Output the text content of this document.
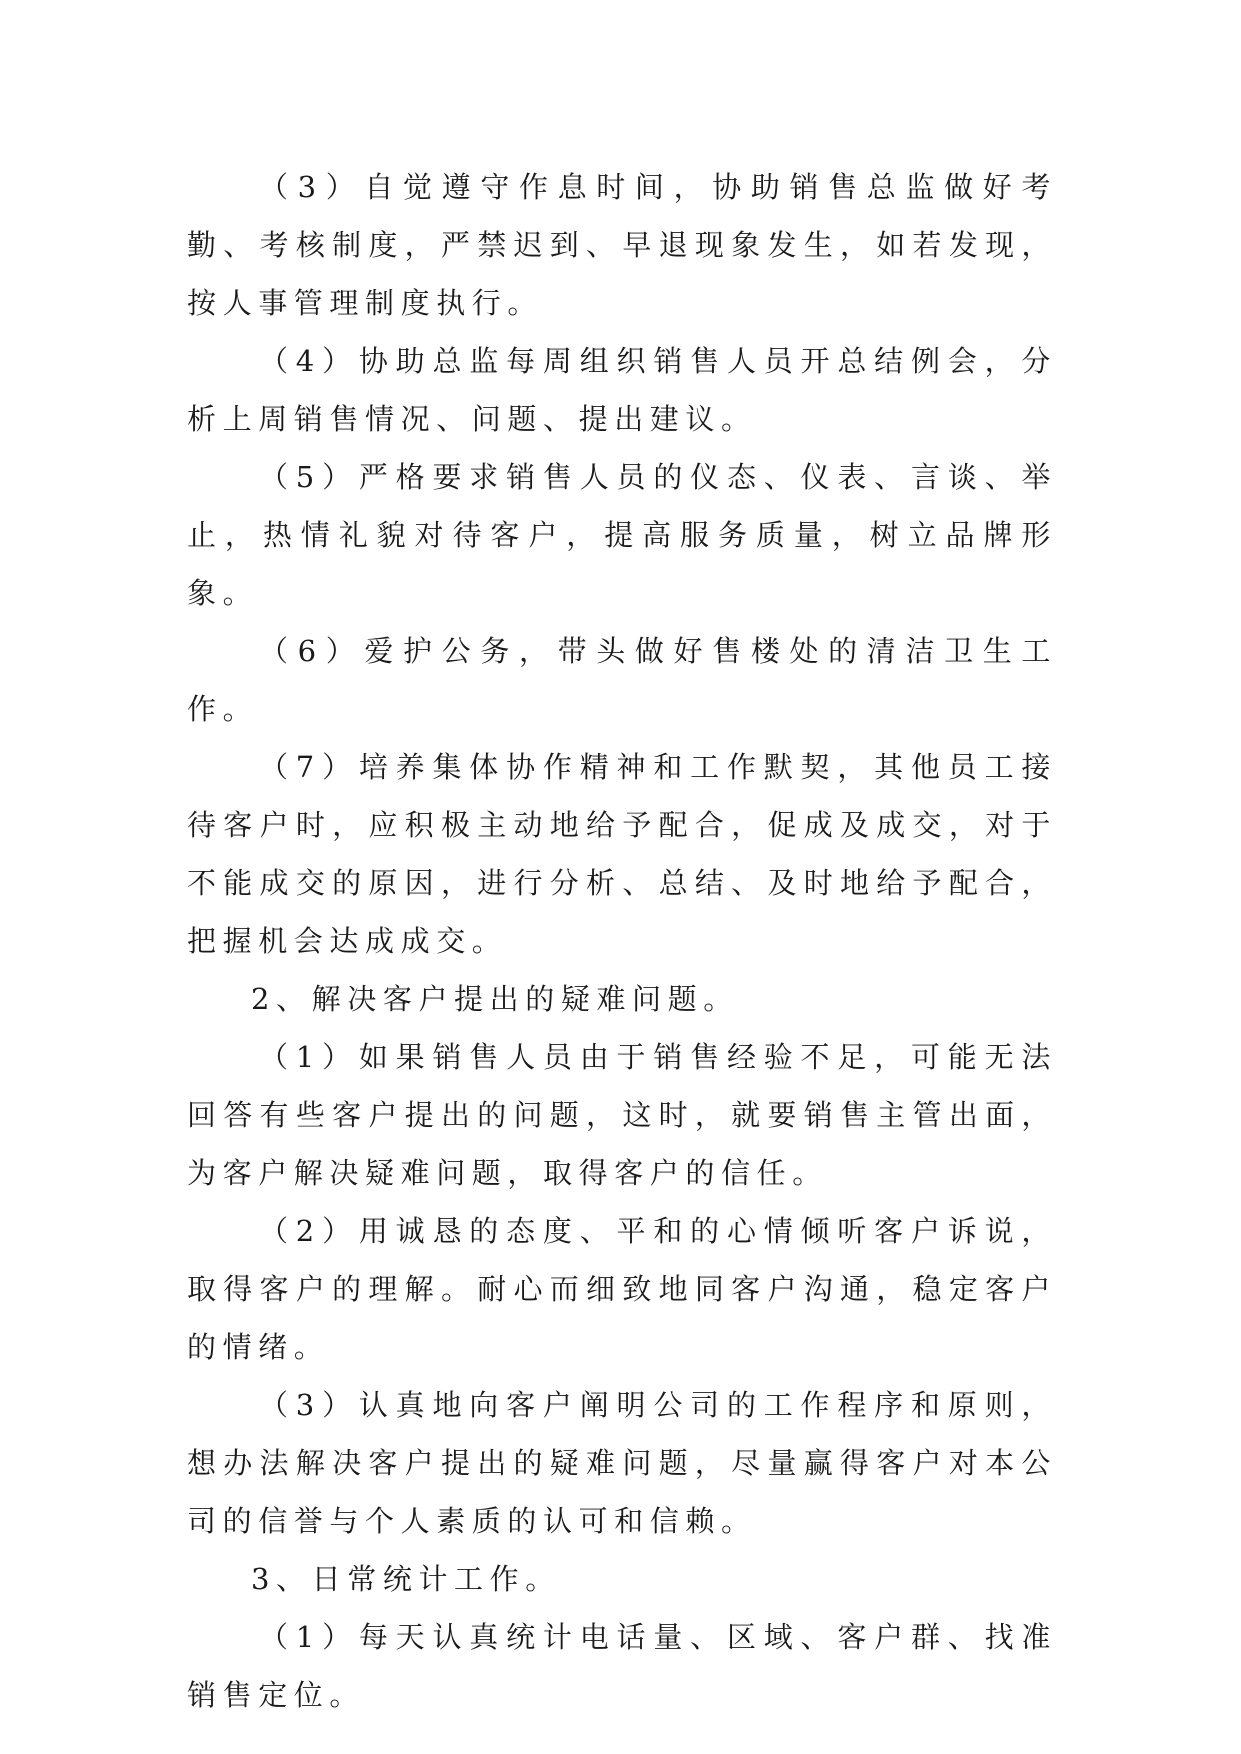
（3）自觉遵守作息时间，协助销售总监做好考勤、考核制度，严禁迟到、早退现象发生，如若发现，按人事管理制度执行。

（4）协助总监每周组织销售人员开总结例会，分析上周销售情况、问题、提出建议。

（5）严格要求销售人员的仪态、仪表、言谈、举止，热情礼貌对待客户，提高服务质量，树立品牌形象。

（6）爱护公务，带头做好售楼处的清洁卫生工作。

（7）培养集体协作精神和工作默契，其他员工接待客户时，应积极主动地给予配合，促成及成交，对于不能成交的原因，进行分析、总结、及时地给予配合，把握机会达成成交。

2、解决客户提出的疑难问题。

（1）如果销售人员由于销售经验不足，可能无法回答有些客户提出的问题，这时，就要销售主管出面，为客户解决疑难问题，取得客户的信任。

（2）用诚恳的态度、平和的心情倾听客户诉说，取得客户的理解。耐心而细致地同客户沟通，稳定客户的情绪。

（3）认真地向客户阐明公司的工作程序和原则，想办法解决客户提出的疑难问题，尽量赢得客户对本公司的信誉与个人素质的认可和信赖。

3、日常统计工作。

（1）每天认真统计电话量、区域、客户群、找准销售定位。
